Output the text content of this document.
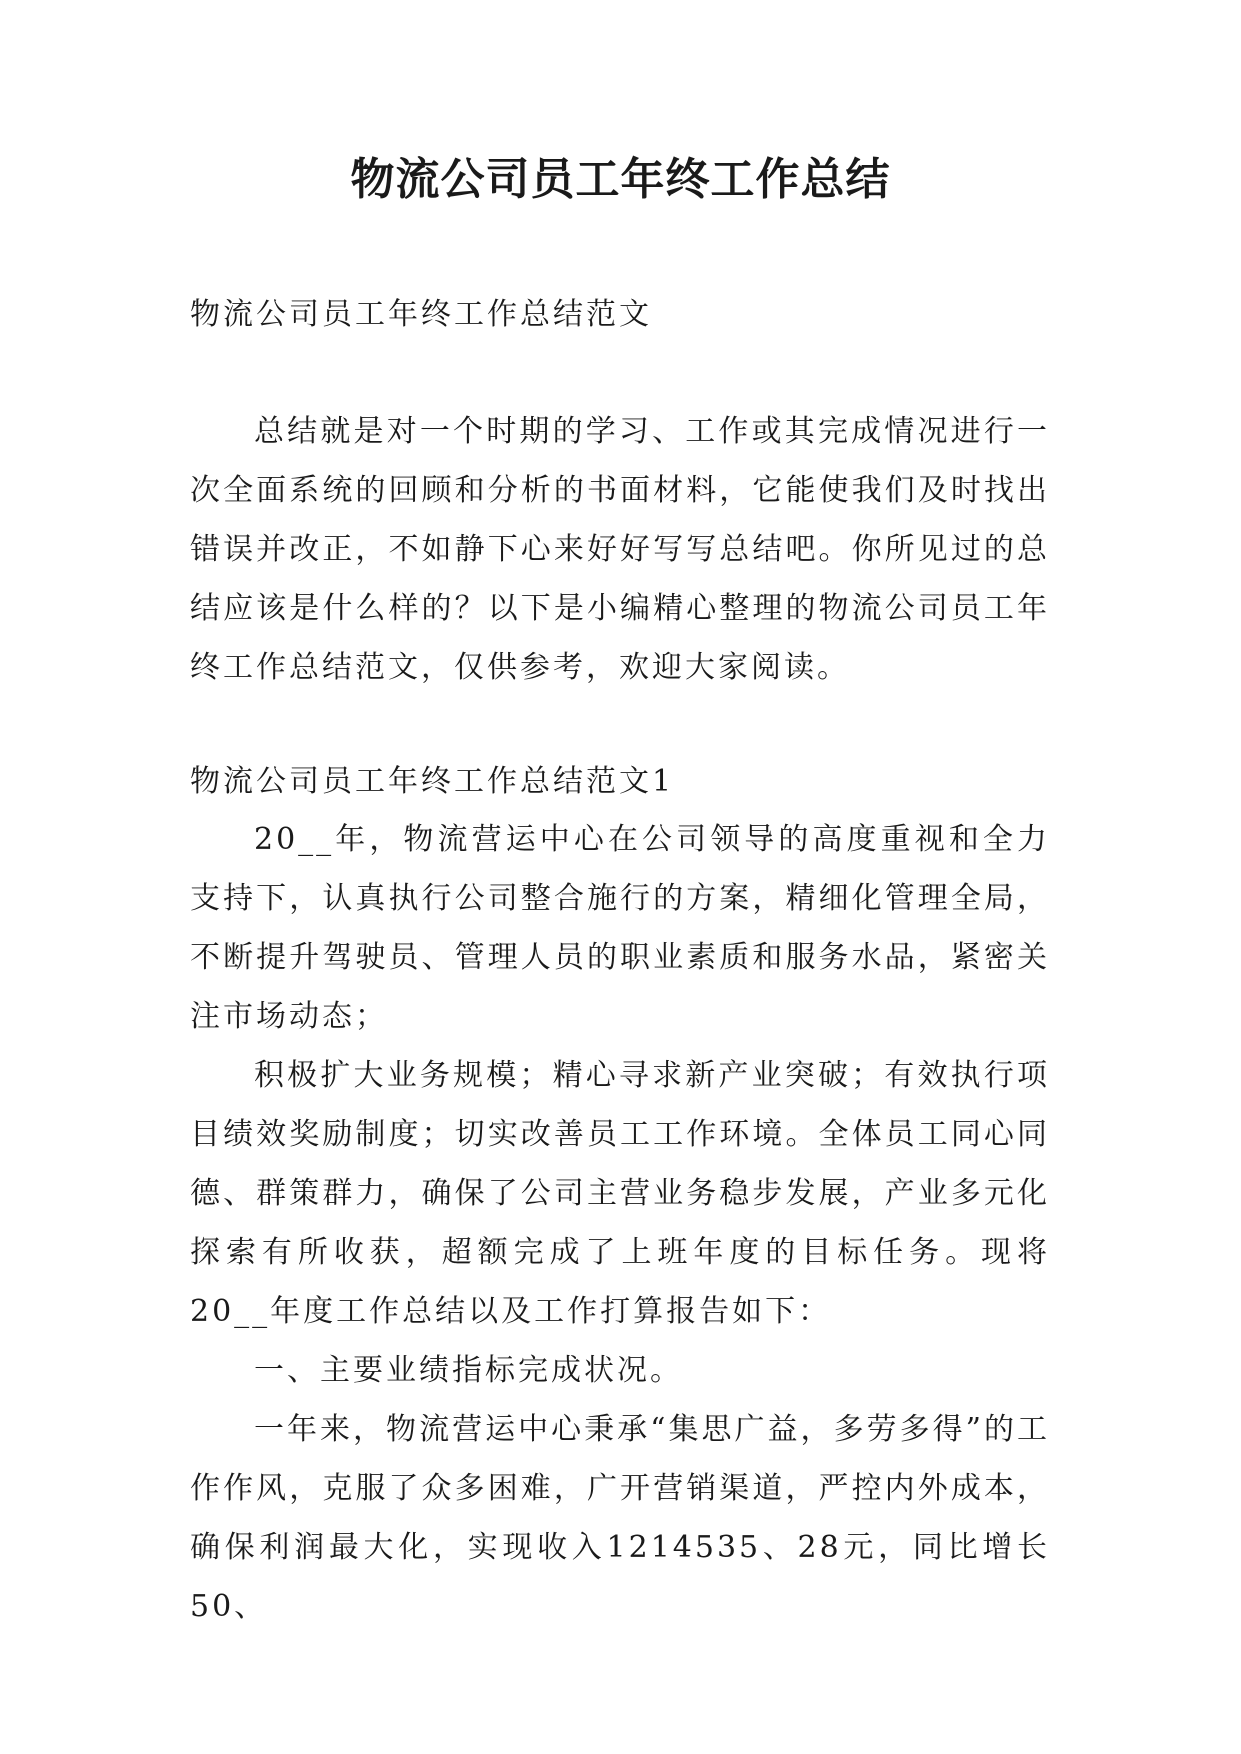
物流公司员工年终工作总结

物流公司员工年终工作总结范文

总结就是对一个时期的学习、工作或其完成情况进行一次全面系统的回顾和分析的书面材料，它能使我们及时找出错误并改正，不如静下心来好好写写总结吧。你所见过的总结应该是什么样的？以下是小编精心整理的物流公司员工年终工作总结范文，仅供参考，欢迎大家阅读。

物流公司员工年终工作总结范文1

20__年，物流营运中心在公司领导的高度重视和全力支持下，认真执行公司整合施行的方案，精细化管理全局，不断提升驾驶员、管理人员的职业素质和服务水品，紧密关注市场动态；

积极扩大业务规模；精心寻求新产业突破；有效执行项目绩效奖励制度；切实改善员工工作环境。全体员工同心同德、群策群力，确保了公司主营业务稳步发展，产业多元化探索有所收获，超额完成了上班年度的目标任务。现将20__年度工作总结以及工作打算报告如下：

一、主要业绩指标完成状况。

一年来，物流营运中心秉承“集思广益，多劳多得”的工作作风，克服了众多困难，广开营销渠道，严控内外成本，确保利润最大化，实现收入1214535、28元，同比增长50、
